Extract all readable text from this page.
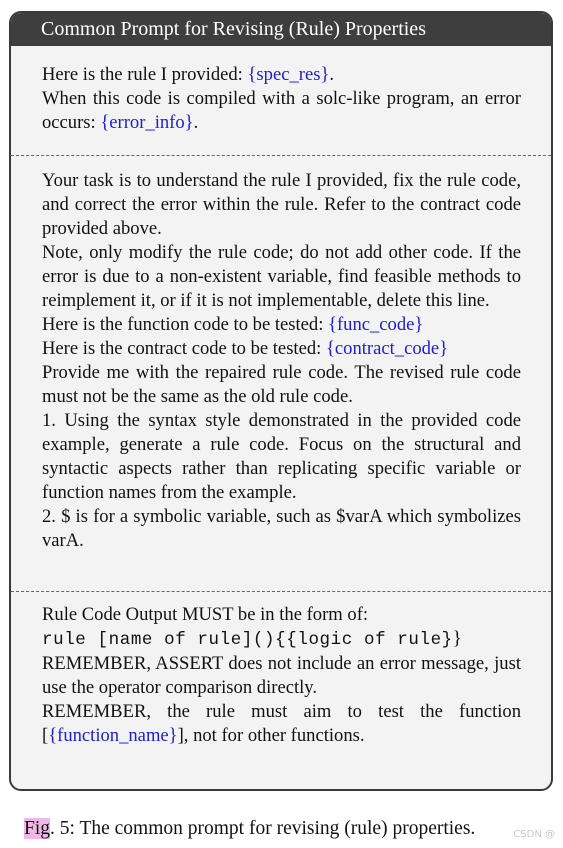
Common Prompt for Revising (Rule) Properties
Here is the rule I provided: {spec_res}.
When this code is compiled with a solc-like program, an error occurs: {error_info}.
Your task is to understand the rule I provided, fix the rule code, and correct the error within the rule. Refer to the contract code provided above.
Note, only modify the rule code; do not add other code. If the error is due to a non-existent variable, find feasible methods to reimplement it, or if it is not implementable, delete this line.
Here is the function code to be tested: {func_code}
Here is the contract code to be tested: {contract_code}
Provide me with the repaired rule code. The revised rule code must not be the same as the old rule code.
1. Using the syntax style demonstrated in the provided code example, generate a rule code. Focus on the structural and syntactic aspects rather than replicating specific variable or function names from the example.
2. $ is for a symbolic variable, such as $varA which symbolizes varA.
Rule Code Output MUST be in the form of:
rule [name of rule](){{logic of rule}}
REMEMBER, ASSERT does not include an error message, just use the operator comparison directly.
REMEMBER, the rule must aim to test the function [{function_name}], not for other functions.
Fig. 5: The common prompt for revising (rule) properties.	CSDN @
